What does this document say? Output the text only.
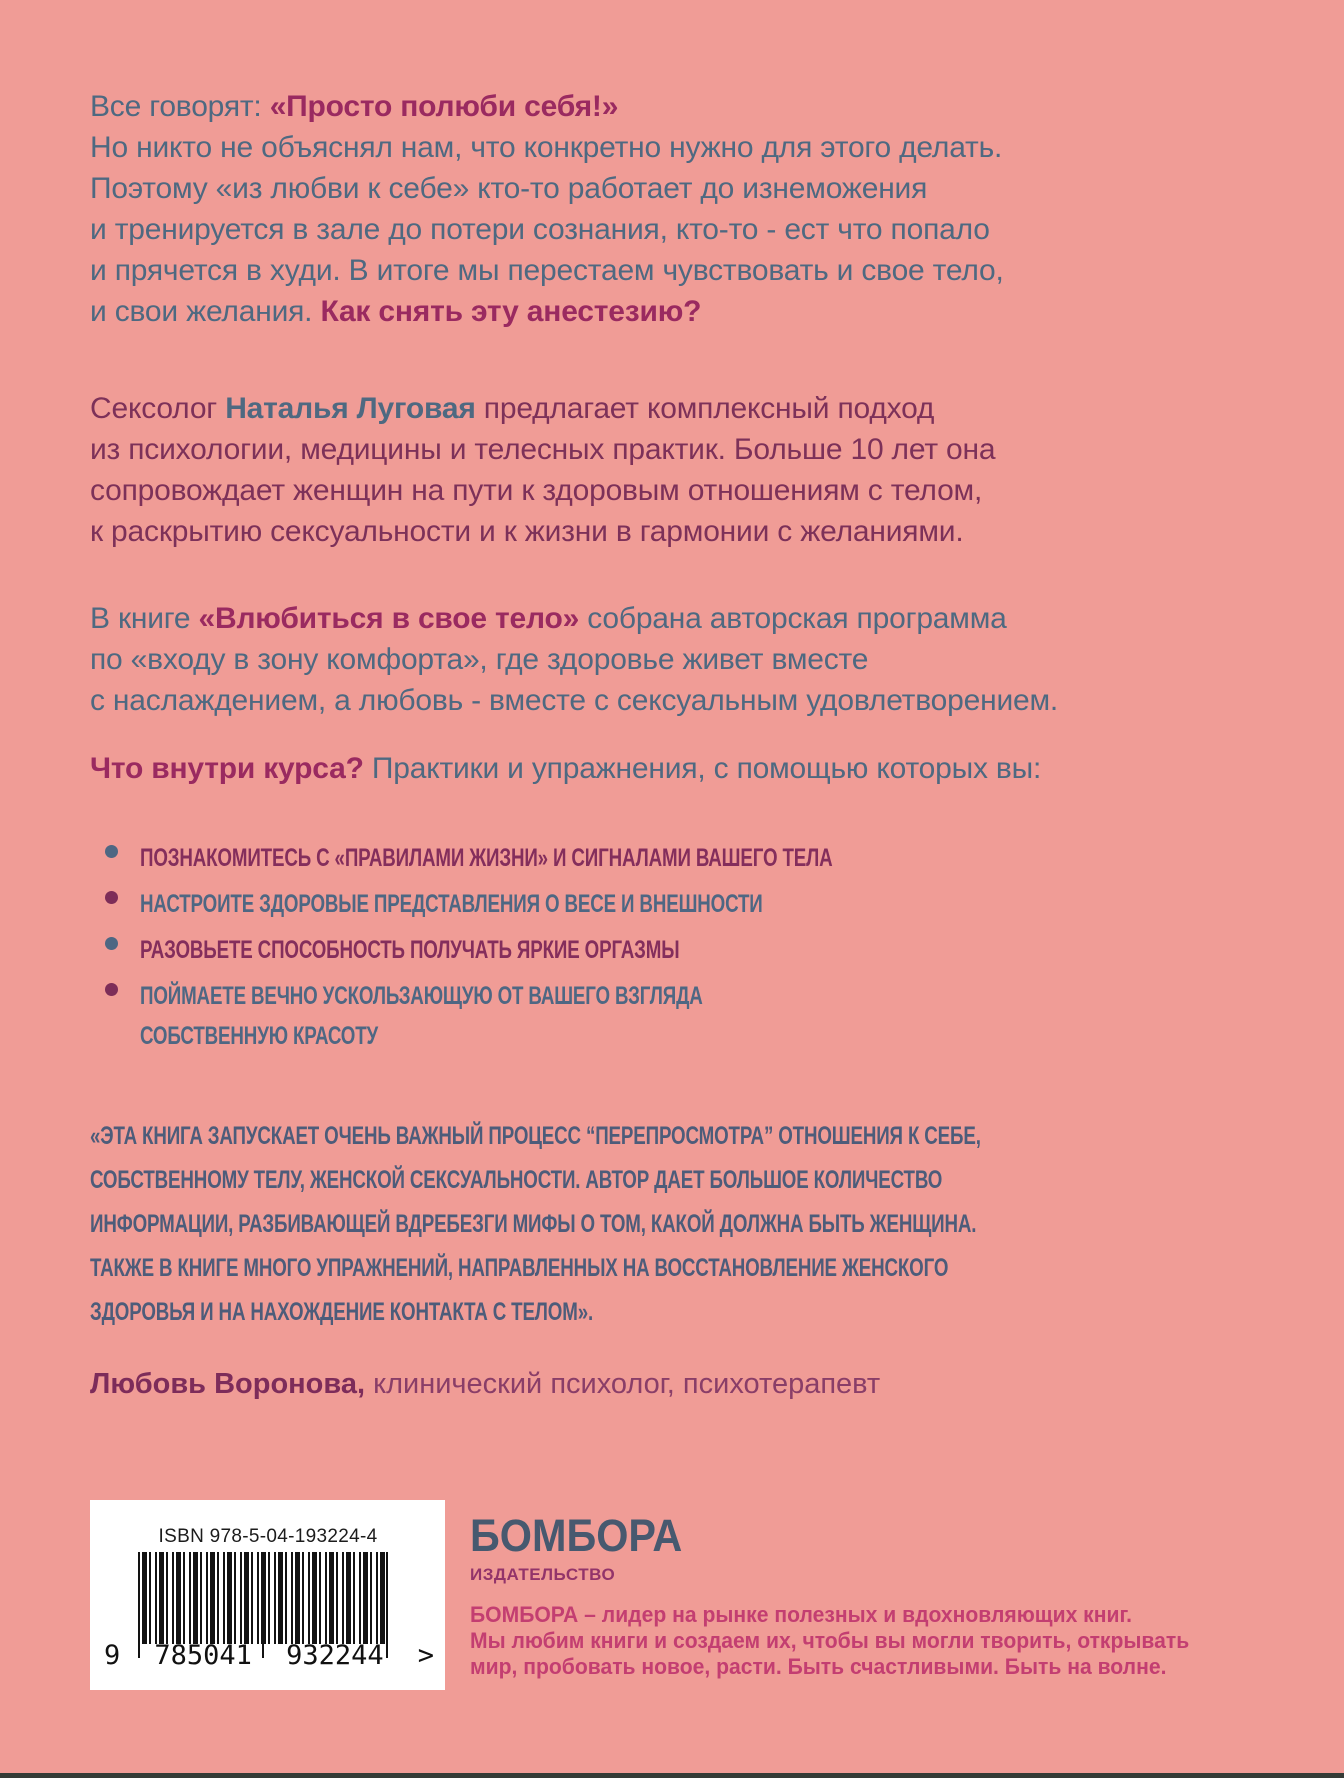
Все говорят: «Просто полюби себя!»
Но никто не объяснял нам, что конкретно нужно для этого делать.
Поэтому «из любви к себе» кто-то работает до изнеможения
и тренируется в зале до потери сознания, кто-то - ест что попало
и прячется в худи. В итоге мы перестаем чувствовать и свое тело,
и свои желания. Как снять эту анестезию?
Сексолог Наталья Луговая предлагает комплексный подход
из психологии, медицины и телесных практик. Больше 10 лет она
сопровождает женщин на пути к здоровым отношениям с телом,
к раскрытию сексуальности и к жизни в гармонии с желаниями.
В книге «Влюбиться в свое тело» собрана авторская программа
по «входу в зону комфорта», где здоровье живет вместе
с наслаждением, а любовь - вместе с сексуальным удовлетворением.
Что внутри курса? Практики и упражнения, с помощью которых вы:
ПОЗНАКОМИТЕСЬ С «ПРАВИЛАМИ ЖИЗНИ» И СИГНАЛАМИ ВАШЕГО ТЕЛА
НАСТРОИТЕ ЗДОРОВЫЕ ПРЕДСТАВЛЕНИЯ О ВЕСЕ И ВНЕШНОСТИ
РАЗОВЬЕТЕ СПОСОБНОСТЬ ПОЛУЧАТЬ ЯРКИЕ ОРГАЗМЫ
ПОЙМАЕТЕ ВЕЧНО УСКОЛЬЗАЮЩУЮ ОТ ВАШЕГО ВЗГЛЯДА
СОБСТВЕННУЮ КРАСОТУ
«ЭТА КНИГА ЗАПУСКАЕТ ОЧЕНЬ ВАЖНЫЙ ПРОЦЕСС “ПЕРЕПРОСМОТРА” ОТНОШЕНИЯ К СЕБЕ,
СОБСТВЕННОМУ ТЕЛУ, ЖЕНСКОЙ СЕКСУАЛЬНОСТИ. АВТОР ДАЕТ БОЛЬШОЕ КОЛИЧЕСТВО
ИНФОРМАЦИИ, РАЗБИВАЮЩЕЙ ВДРЕБЕЗГИ МИФЫ О ТОМ, КАКОЙ ДОЛЖНА БЫТЬ ЖЕНЩИНА.
ТАКЖЕ В КНИГЕ МНОГО УПРАЖНЕНИЙ, НАПРАВЛЕННЫХ НА ВОССТАНОВЛЕНИЕ ЖЕНСКОГО
ЗДОРОВЬЯ И НА НАХОЖДЕНИЕ КОНТАКТА С ТЕЛОМ».
Любовь Воронова, клинический психолог, психотерапевт
ISBN 978-5-04-193224-4
9 785041 932244 >
БОМБОРА
ИЗДАТЕЛЬСТВО
БОМБОРА – лидер на рынке полезных и вдохновляющих книг.
Мы любим книги и создаем их, чтобы вы могли творить, открывать
мир, пробовать новое, расти. Быть счастливыми. Быть на волне.
